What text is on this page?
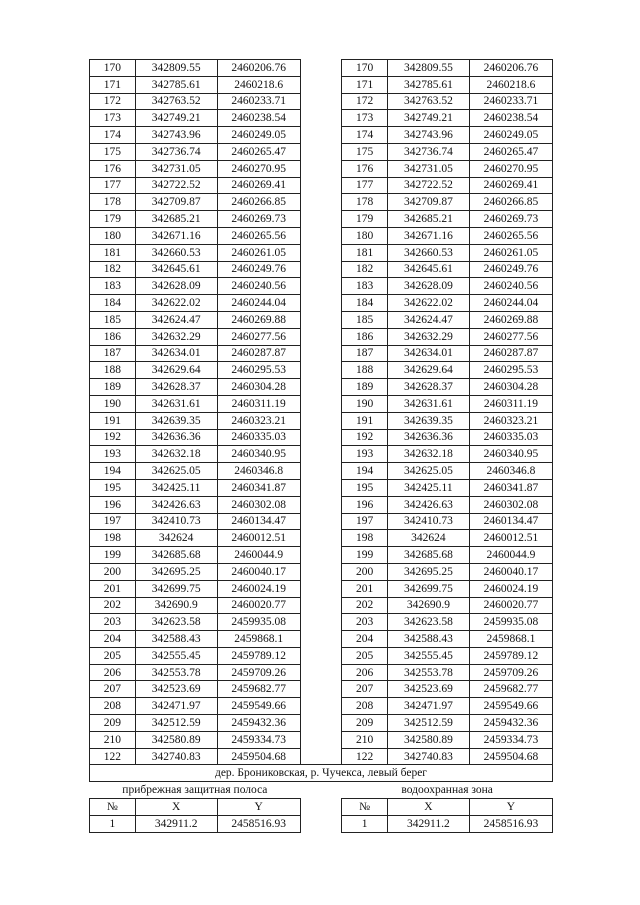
170	342809.55	2460206.76		170	342809.55	2460206.76
171	342785.61	2460218.6		171	342785.61	2460218.6
172	342763.52	2460233.71		172	342763.52	2460233.71
173	342749.21	2460238.54		173	342749.21	2460238.54
174	342743.96	2460249.05		174	342743.96	2460249.05
175	342736.74	2460265.47		175	342736.74	2460265.47
176	342731.05	2460270.95		176	342731.05	2460270.95
177	342722.52	2460269.41		177	342722.52	2460269.41
178	342709.87	2460266.85		178	342709.87	2460266.85
179	342685.21	2460269.73		179	342685.21	2460269.73
180	342671.16	2460265.56		180	342671.16	2460265.56
181	342660.53	2460261.05		181	342660.53	2460261.05
182	342645.61	2460249.76		182	342645.61	2460249.76
183	342628.09	2460240.56		183	342628.09	2460240.56
184	342622.02	2460244.04		184	342622.02	2460244.04
185	342624.47	2460269.88		185	342624.47	2460269.88
186	342632.29	2460277.56		186	342632.29	2460277.56
187	342634.01	2460287.87		187	342634.01	2460287.87
188	342629.64	2460295.53		188	342629.64	2460295.53
189	342628.37	2460304.28		189	342628.37	2460304.28
190	342631.61	2460311.19		190	342631.61	2460311.19
191	342639.35	2460323.21		191	342639.35	2460323.21
192	342636.36	2460335.03		192	342636.36	2460335.03
193	342632.18	2460340.95		193	342632.18	2460340.95
194	342625.05	2460346.8		194	342625.05	2460346.8
195	342425.11	2460341.87		195	342425.11	2460341.87
196	342426.63	2460302.08		196	342426.63	2460302.08
197	342410.73	2460134.47		197	342410.73	2460134.47
198	342624	2460012.51		198	342624	2460012.51
199	342685.68	2460044.9		199	342685.68	2460044.9
200	342695.25	2460040.17		200	342695.25	2460040.17
201	342699.75	2460024.19		201	342699.75	2460024.19
202	342690.9	2460020.77		202	342690.9	2460020.77
203	342623.58	2459935.08		203	342623.58	2459935.08
204	342588.43	2459868.1		204	342588.43	2459868.1
205	342555.45	2459789.12		205	342555.45	2459789.12
206	342553.78	2459709.26		206	342553.78	2459709.26
207	342523.69	2459682.77		207	342523.69	2459682.77
208	342471.97	2459549.66		208	342471.97	2459549.66
209	342512.59	2459432.36		209	342512.59	2459432.36
210	342580.89	2459334.73		210	342580.89	2459334.73
122	342740.83	2459504.68		122	342740.83	2459504.68
дер. Брониковская, р. Чучекса, левый берег						
прибрежная защитная полоса				водоохранная зона		
№	X	Y		№	X	Y
1	342911.2	2458516.93		1	342911.2	2458516.93
